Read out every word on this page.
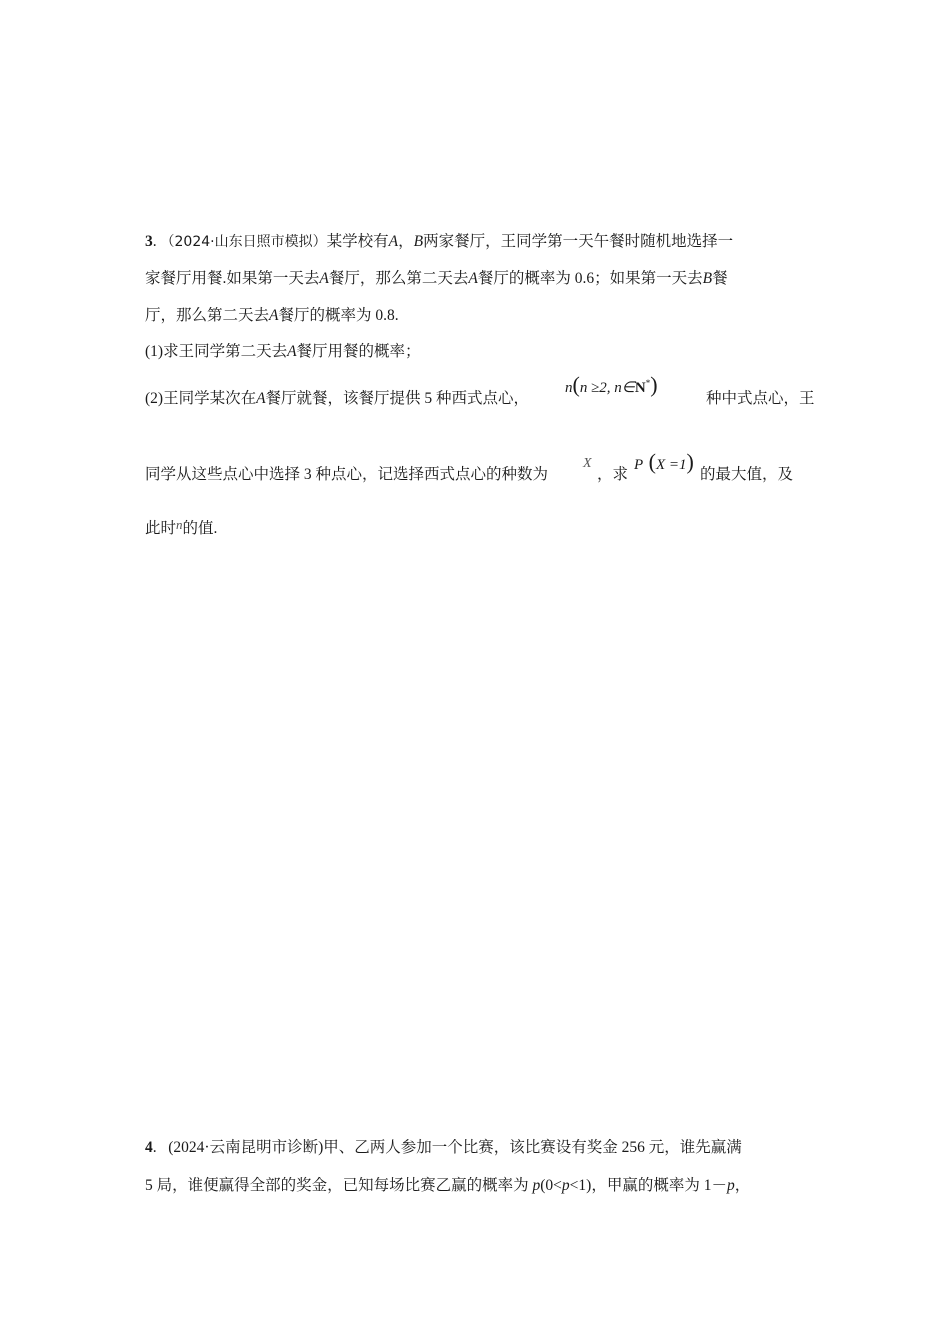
3. （2024·山东日照市模拟）某学校有A，B两家餐厅，王同学第一天午餐时随机地选择一
家餐厅用餐.如果第一天去A餐厅，那么第二天去A餐厅的概率为 0.6；如果第一天去B餐
厅，那么第二天去A餐厅的概率为 0.8.
(1)求王同学第二天去A餐厅用餐的概率；
(2)王同学某次在A餐厅就餐，该餐厅提供 5 种西式点心，
n(n ≥2, n∈N*)
种中式点心，王
同学从这些点心中选择 3 种点心，记选择西式点心的种数为
X
，求
P (X =1)
的最大值，及
此时$^n$的值.
4. (2024·云南昆明市诊断)甲、乙两人参加一个比赛，该比赛设有奖金 256 元，谁先赢满
5 局，谁便赢得全部的奖金，已知每场比赛乙赢的概率为 p(0<p<1)，甲赢的概率为 1－p，
